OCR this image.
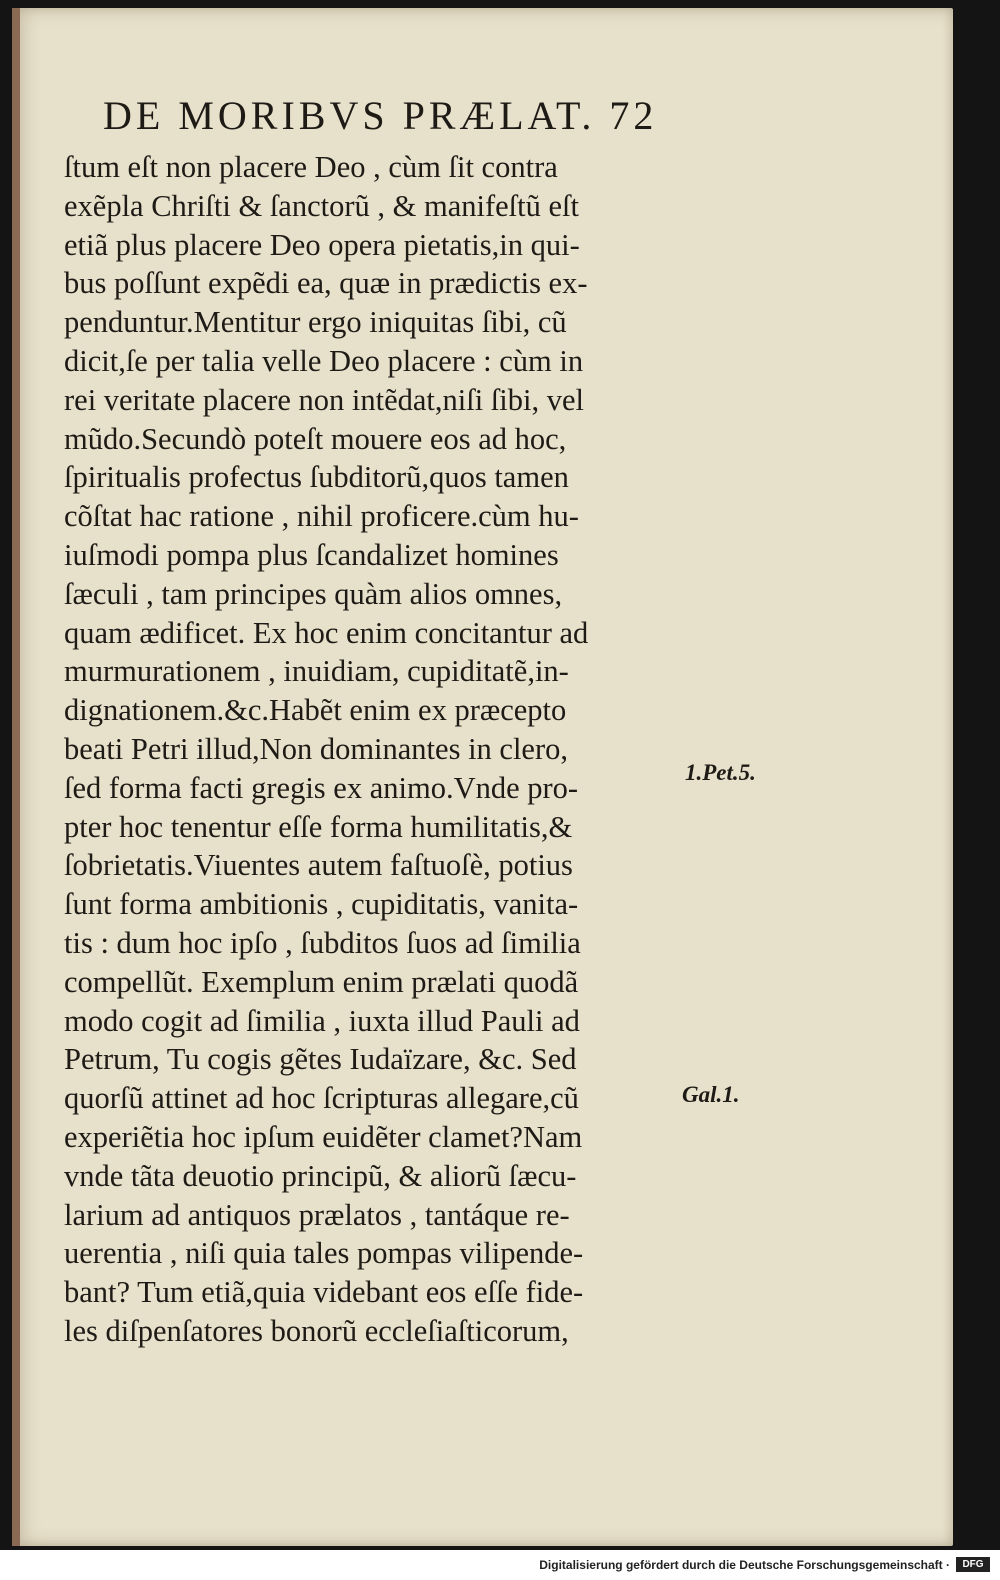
DE MORIBVS PRÆLAT. 72
ſtum eſt non placere Deo , cùm ſit contra
exẽpla Chriſti & ſanctorũ , & manifeſtũ eſt
etiã plus placere Deo opera pietatis,in qui-
bus poſſunt expẽdi ea, quæ in prædictis ex-
penduntur.Mentitur ergo iniquitas ſibi, cũ
dicit,ſe per talia velle Deo placere : cùm in
rei veritate placere non intẽdat,niſi ſibi, vel
mũdo.Secundò poteſt mouere eos ad hoc,
ſpiritualis profectus ſubditorũ,quos tamen
cõſtat hac ratione , nihil proficere.cùm hu-
iuſmodi pompa plus ſcandalizet homines
ſæculi , tam principes quàm alios omnes,
quam ædificet. Ex hoc enim concitantur ad
murmurationem , inuidiam, cupiditatẽ,in-
dignationem.&c.Habẽt enim ex præcepto
beati Petri illud,Non dominantes in clero,
ſed forma facti gregis ex animo.Vnde pro-
pter hoc tenentur eſſe forma humilitatis,&
ſobrietatis.Viuentes autem faſtuoſè, potius
ſunt forma ambitionis , cupiditatis, vanita-
tis : dum hoc ipſo , ſubditos ſuos ad ſimilia
compellũt. Exemplum enim prælati quodã
modo cogit ad ſimilia , iuxta illud Pauli ad
Petrum, Tu cogis gẽtes Iudaïzare, &c. Sed
quorſũ attinet ad hoc ſcripturas allegare,cũ
experiẽtia hoc ipſum euidẽter clamet?Nam
vnde tãta deuotio principũ, & aliorũ ſæcu-
larium ad antiquos prælatos , tantáque re-
uerentia , niſi quia tales pompas vilipende-
bant? Tum etiã,quia videbant eos eſſe fide-
les diſpenſatores bonorũ eccleſiaſticorum,
1.Pet.5.
Gal.1.
Digitalisierung gefördert durch die Deutsche Forschungsgemeinschaft ·	DFG
